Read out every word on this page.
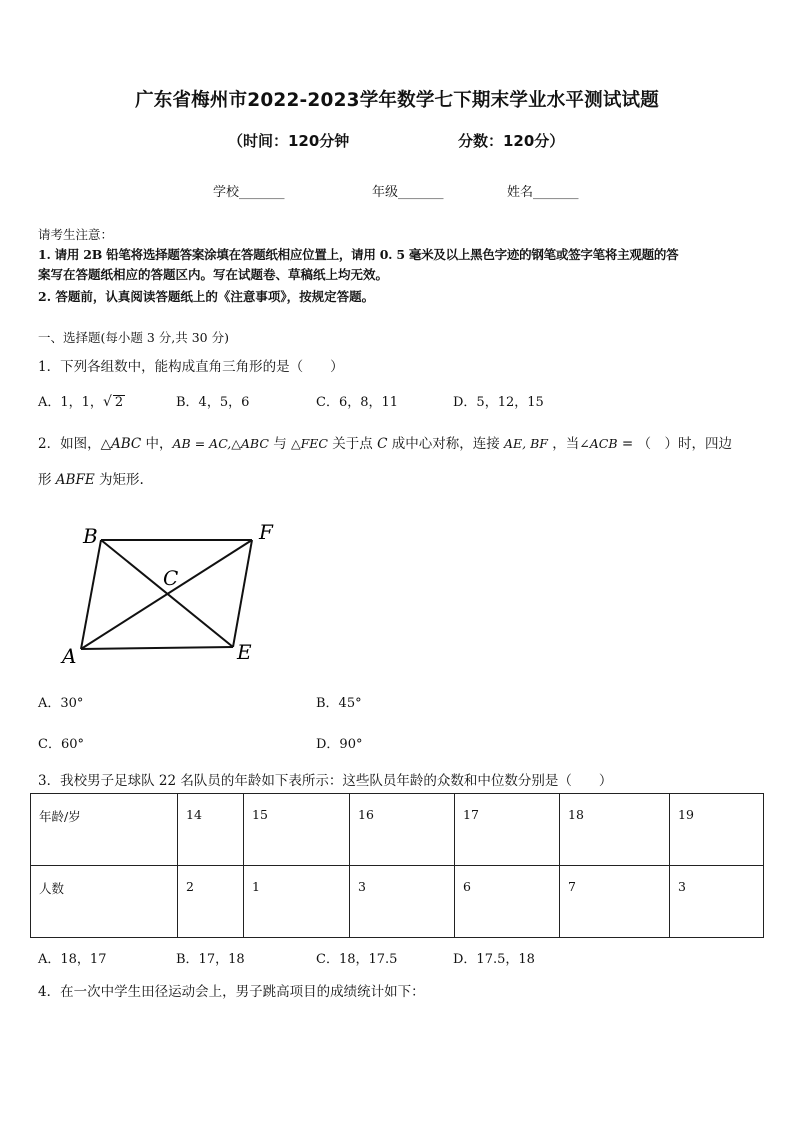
广东省梅州市2022-2023学年数学七下期末学业水平测试试题
（时间：120分钟	分数：120分）
学校_______	年级_______	姓名_______
请考生注意：
1. 请用 2B 铅笔将选择题答案涂填在答题纸相应位置上，请用 0. 5 毫米及以上黑色字迹的钢笔或签字笔将主观题的答
案写在答题纸相应的答题区内。写在试题卷、草稿纸上均无效。
2. 答题前，认真阅读答题纸上的《注意事项》，按规定答题。
一、选择题(每小题 3 分,共 30 分)
1．下列各组数中，能构成直角三角形的是（　　）
A．1，1，√ 2	B．4，5，6	C．6，8，11	D．5，12，15
2．如图，△ABC 中，AB = AC,△ABC 与 △FEC 关于点 C 成中心对称，连接 AE, BF ，当∠ACB = （　）时，四边
形 ABFE 为矩形.
B	F
C
A	E
A．30°	B．45°
C．60°	D．90°
3．我校男子足球队 22 名队员的年龄如下表所示：这些队员年龄的众数和中位数分别是（　　）
年龄/岁	14	15	16	17	18	19
人数	2	1	3	6	7	3
A．18，17	B．17，18	C．18，17.5	D．17.5，18
4．在一次中学生田径运动会上，男子跳高项目的成绩统计如下：
